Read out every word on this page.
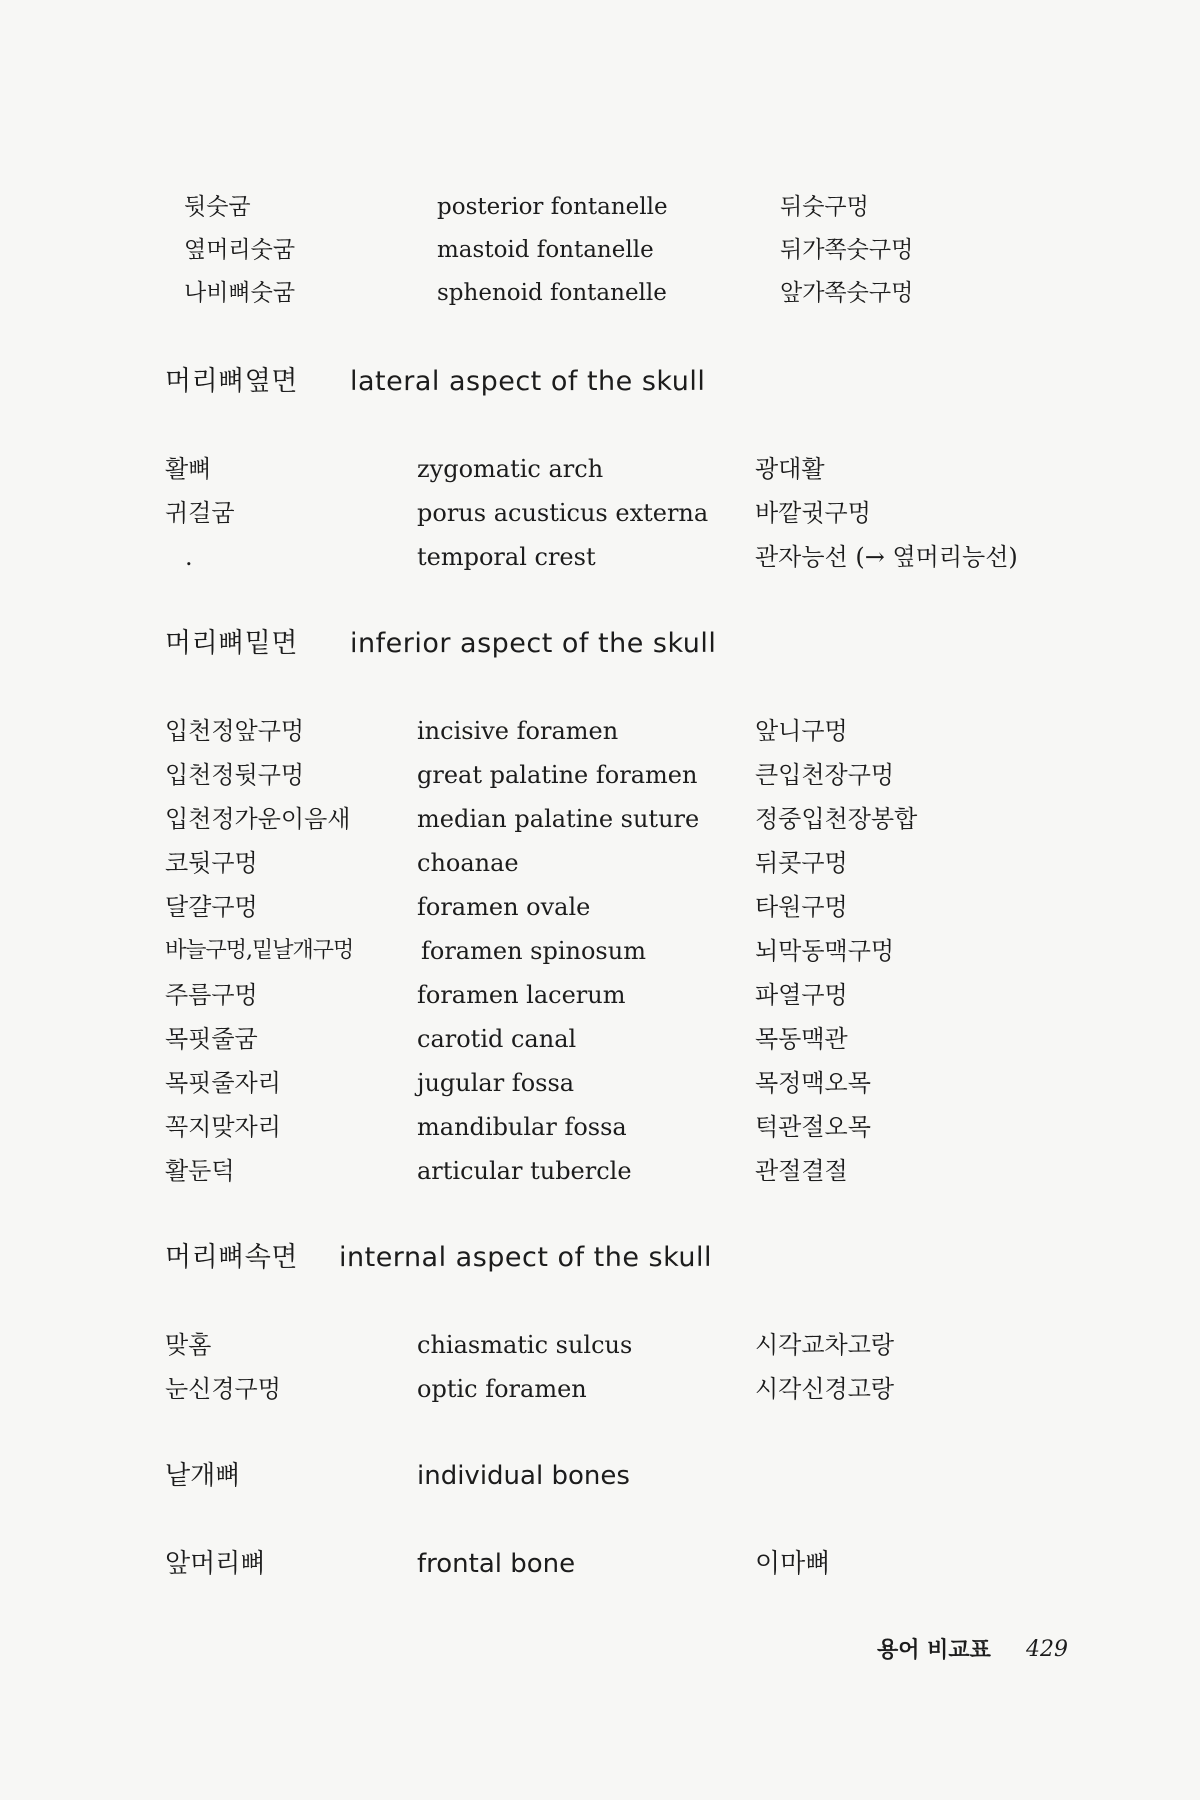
뒷숫굼	posterior fontanelle	뒤숫구멍
옆머리숫굼	mastoid fontanelle	뒤가쪽숫구멍
나비뼈숫굼	sphenoid fontanelle	앞가쪽숫구멍
머리뼈옆면 lateral aspect of the skull
활뼈	zygomatic arch	광대활
귀걸굼	porus acusticus externa 바깥귓구멍
.	temporal crest	관자능선 (→ 옆머리능선)
머리뼈밑면 inferior aspect of the skull
입천정앞구멍	incisive foramen	앞니구멍
입천정뒷구멍	great palatine foramen 큰입천장구멍
입천정가운이음새	median palatine suture 정중입천장봉합
코뒷구멍	choanae	뒤콧구멍
달걀구멍	foramen ovale	타원구멍
바늘구멍,밑날개구멍	foramen spinosum	뇌막동맥구멍
주름구멍	foramen lacerum	파열구멍
목핏줄굼	carotid canal	목동맥관
목핏줄자리	jugular fossa	목정맥오목
꼭지맞자리	mandibular fossa	턱관절오목
활둔덕	articular tubercle	관절결절
머리뼈속면 internal aspect of the skull
맞홈	chiasmatic sulcus	시각교차고랑
눈신경구멍	optic foramen	시각신경고랑
낱개뼈	individual bones
앞머리뼈	frontal bone	이마뼈
용어 비교표 429
